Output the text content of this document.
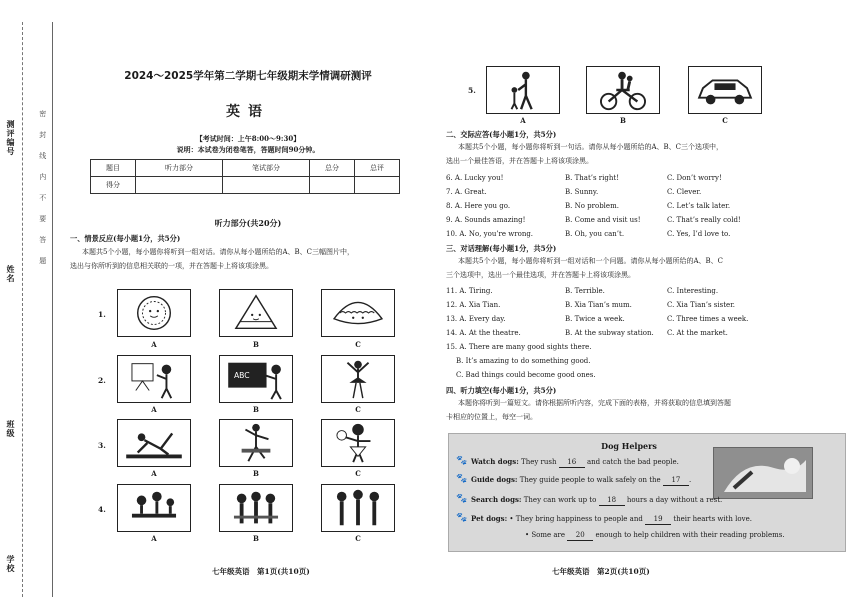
测评编号
姓名
班级
学校
密封线内不要答题
2024～2025学年第二学期七年级期末学情调研测评
英语
【考试时间：上午8:00～9:30】
说明：本试卷为闭卷笔答，答题时间90分钟。
题目	听力部分	笔试部分	总分	总评
得分				
听力部分(共20分)
一、情景反应(每小题1分，共5分)
本题共5个小题，每小题你将听到一组对话。请你从每小题所给的A、B、C三幅图片中，
选出与你所听到的信息相关联的一项，并在答题卡上将该项涂黑。
1.
A	B	C
2.
ABC
A	B	C
3.
A	B	C
4.
A	B	C
七年级英语　第1页(共10页)
5.
A	B	C
二、交际应答(每小题1分，共5分)
本题共5个小题，每小题你将听到一句话。请你从每小题所给的A、B、C三个选项中，
选出一个最佳答语，并在答题卡上将该项涂黑。
6. A. Lucky you!	B. That’s right!	C. Don’t worry!
7. A. Great.	B. Sunny.	C. Clever.
8. A. Here you go.	B. No problem.	C. Let’s talk later.
9. A. Sounds amazing!	B. Come and visit us!	C. That’s really cold!
10. A. No, you’re wrong.	B. Oh, you can’t.	C. Yes, I’d love to.
三、对话理解(每小题1分，共5分)
本题共5个小题，每小题你将听到一组对话和一个问题。请你从每小题所给的A、B、C
三个选项中，选出一个最佳选项，并在答题卡上将该项涂黑。
11. A. Tiring.	B. Terrible.	C. Interesting.
12. A. Xia Tian.	B. Xia Tian’s mum.	C. Xia Tian’s sister.
13. A. Every day.	B. Twice a week.	C. Three times a week.
14. A. At the theatre.	B. At the subway station. C. At the market.
15. A. There are many good sights there.
B. It’s amazing to do something good.
C. Bad things could become good ones.
四、听力填空(每小题1分，共5分)
本题你将听到一篇短文。请你根据所听内容，完成下面的表格，并将获取的信息填到答题
卡相应的位置上，每空一词。
Dog Helpers
🐾 Watch dogs: They rush 16 and catch the bad people.
🐾 Guide dogs: They guide people to walk safely on the 17 .
🐾 Search dogs: They can work up to 18 hours a day without a rest.
🐾 Pet dogs: • They bring happiness to people and 19 their hearts with love.
• Some are 20 enough to help children with their reading problems.
七年级英语　第2页(共10页)
